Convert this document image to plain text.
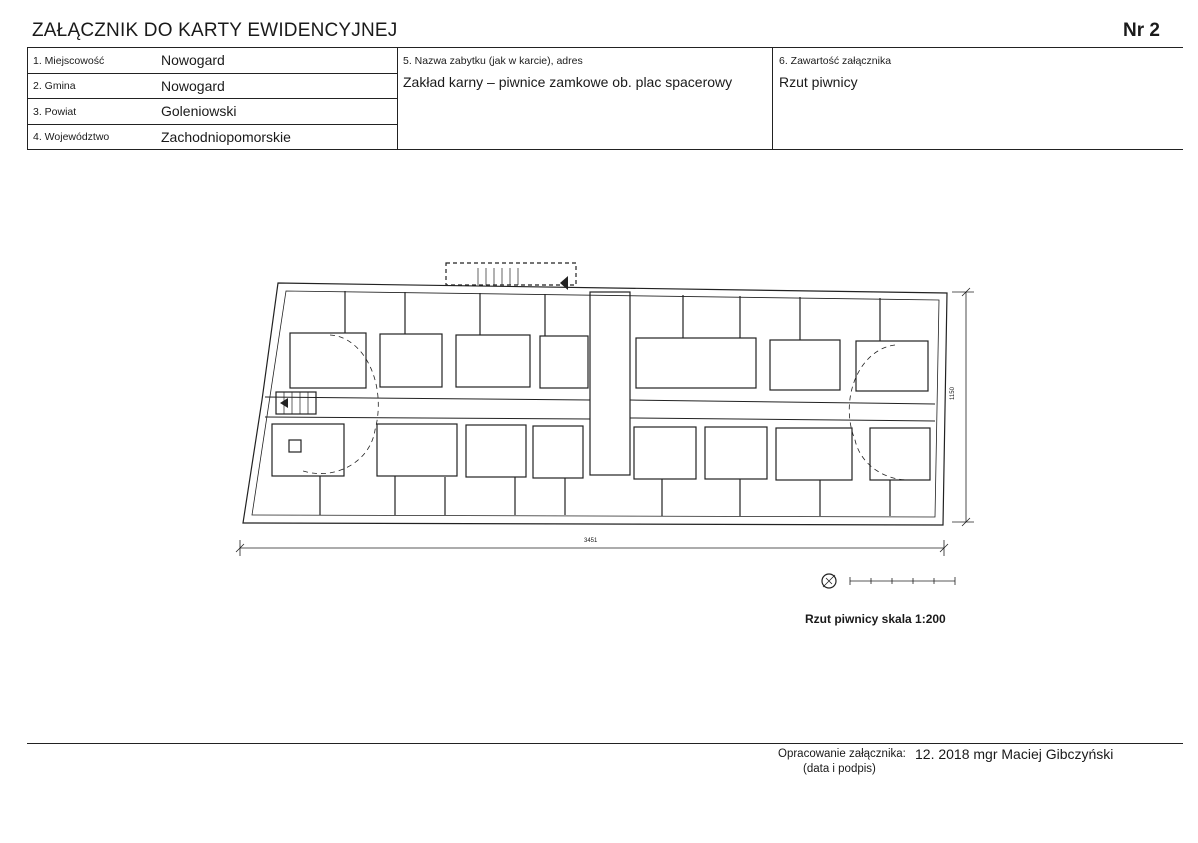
ZAŁĄCZNIK DO KARTY EWIDENCYJNEJ	Nr 2
1. Miejscowość	Nowogard
2. Gmina	Nowogard
3. Powiat	Goleniowski
4. Województwo	Zachodniopomorskie
5. Nazwa zabytku (jak w karcie), adres
Zakład karny – piwnice zamkowe ob. plac spacerowy
6. Zawartość załącznika
Rzut piwnicy
3451
1150
Rzut piwnicy skala 1:200
Opracowanie załącznika:
(data i podpis)
12. 2018 mgr Maciej Gibczyński
